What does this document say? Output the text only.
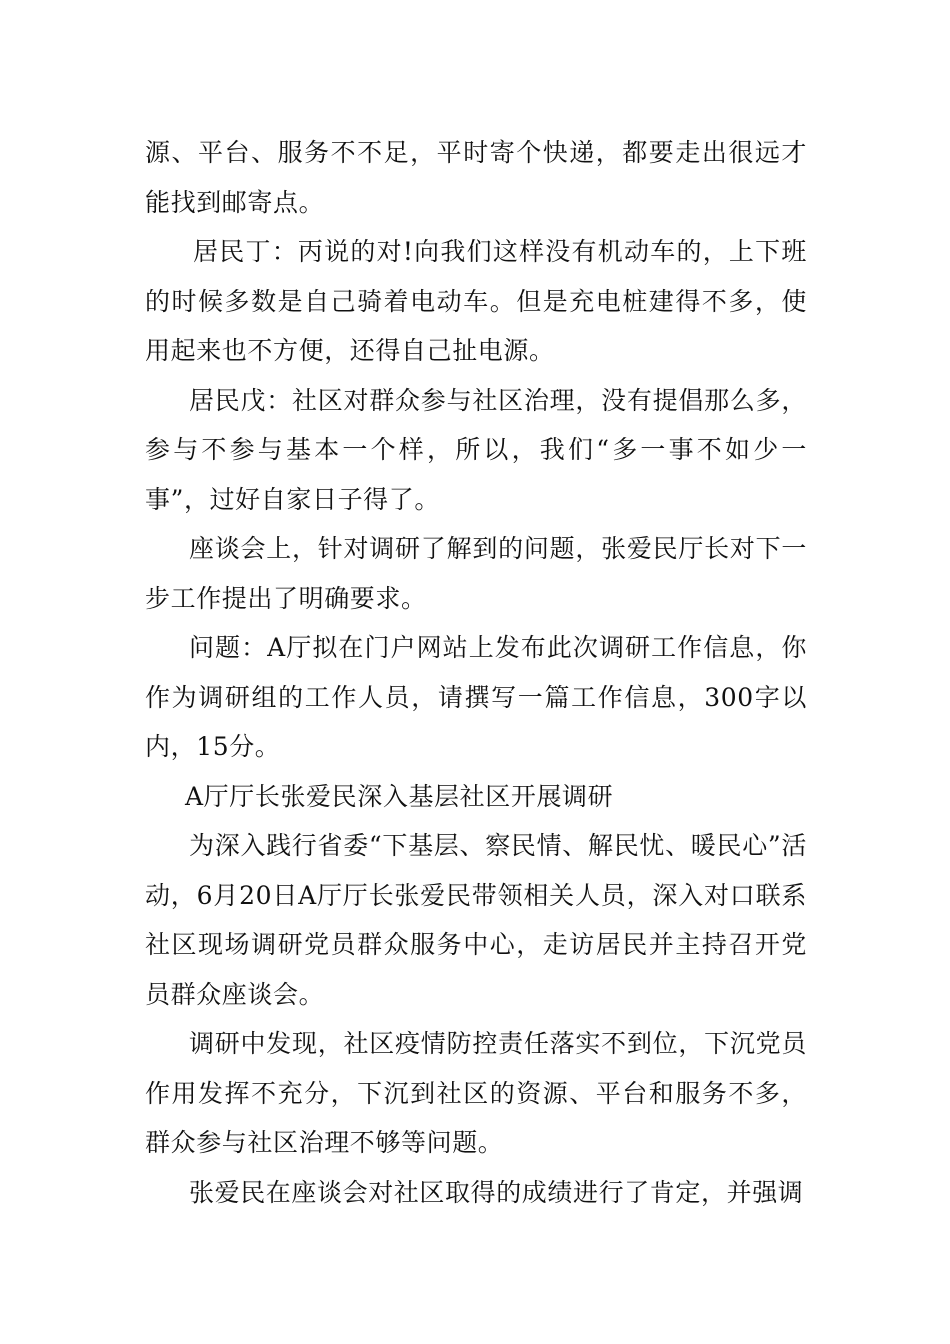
源、平台、服务不不足，平时寄个快递，都要走出很远才能找到邮寄点。

居民丁：丙说的对!向我们这样没有机动车的，上下班的时候多数是自己骑着电动车。但是充电桩建得不多，使用起来也不方便，还得自己扯电源。

居民戊：社区对群众参与社区治理，没有提倡那么多，参与不参与基本一个样，所以，我们“多一事不如少一事”，过好自家日子得了。

座谈会上，针对调研了解到的问题，张爱民厅长对下一步工作提出了明确要求。

问题：A厅拟在门户网站上发布此次调研工作信息，你作为调研组的工作人员，请撰写一篇工作信息，300字以内，15分。

A厅厅长张爱民深入基层社区开展调研

为深入践行省委“下基层、察民情、解民忧、暖民心”活动，6月20日A厅厅长张爱民带领相关人员，深入对口联系社区现场调研党员群众服务中心，走访居民并主持召开党员群众座谈会。

调研中发现，社区疫情防控责任落实不到位，下沉党员作用发挥不充分，下沉到社区的资源、平台和服务不多，群众参与社区治理不够等问题。

张爱民在座谈会对社区取得的成绩进行了肯定，并强调
